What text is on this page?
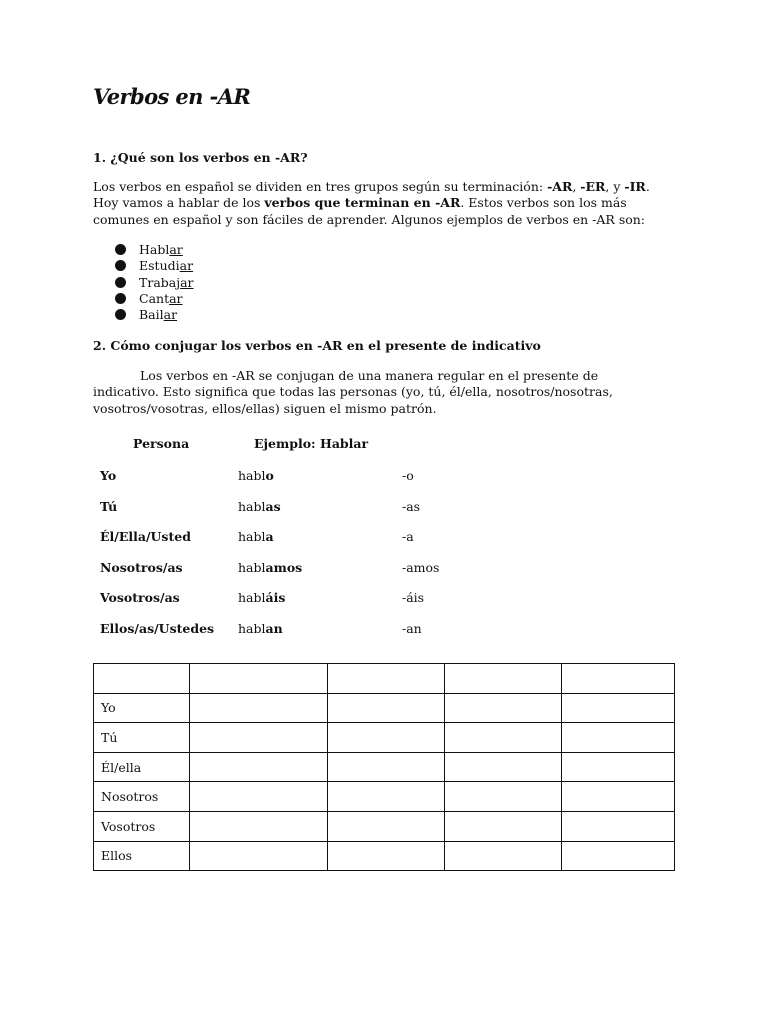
Verbos en -AR
1. ¿Qué son los verbos en -AR?
Los verbos en español se dividen en tres grupos según su terminación: -AR, -ER, y -IR.
Hoy vamos a hablar de los verbos que terminan en -AR. Estos verbos son los más
comunes en español y son fáciles de aprender. Algunos ejemplos de verbos en -AR son:
Hablar
Estudiar
Trabajar
Cantar
Bailar
2. Cómo conjugar los verbos en -AR en el presente de indicativo
Los verbos en -AR se conjugan de una manera regular en el presente de
indicativo. Esto significa que todas las personas (yo, tú, él/ella, nosotros/nosotras,
vosotros/vosotras, ellos/ellas) siguen el mismo patrón.
Persona	Ejemplo: Hablar
Yo	hablo	-o
Tú	hablas	-as
Él/Ella/Usted	habla	-a
Nosotros/as	hablamos	-amos
Vosotros/as	habláis	-áis
Ellos/as/Ustedes hablan	-an

Yo				
Tú				
Él/ella				
Nosotros				
Vosotros				
Ellos				
